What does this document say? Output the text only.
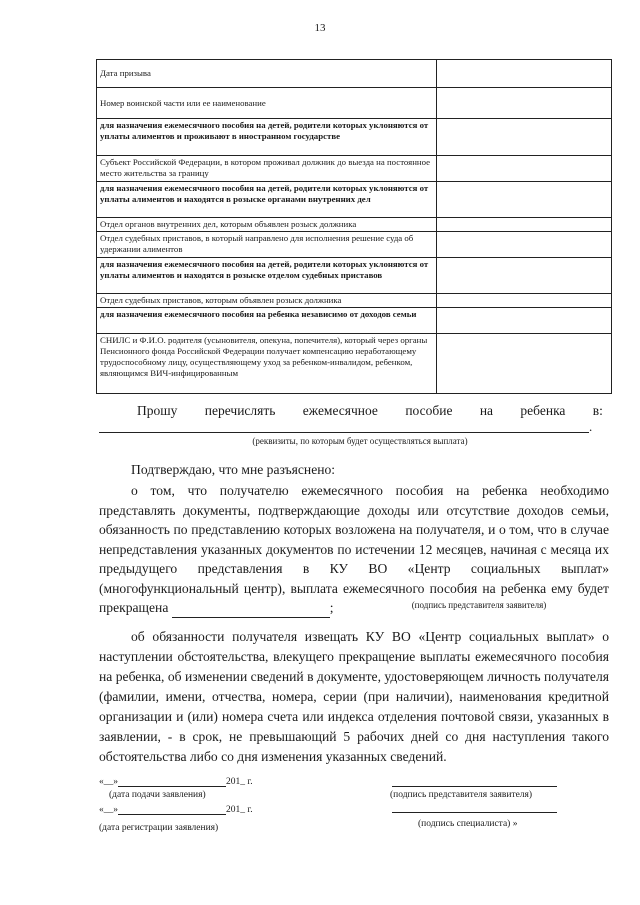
13
Дата призыва	
Номер воинской части или ее наименование	
для назначения ежемесячного пособия на детей, родители которых уклоняются от уплаты алиментов и проживают в иностранном государстве	
Субъект Российской Федерации, в котором проживал должник до выезда на постоянное место жительства за границу	
для назначения ежемесячного пособия на детей, родители которых уклоняются от уплаты алиментов и находятся в розыске органами внутренних дел	
Отдел органов внутренних дел, которым объявлен розыск должника	
Отдел судебных приставов, в который направлено для исполнения решение суда об удержании алиментов	
для назначения ежемесячного пособия на детей, родители которых уклоняются от уплаты алиментов и находятся в розыске отделом судебных приставов	
Отдел судебных приставов, которым объявлен розыск должника	
для назначения ежемесячного пособия на ребенка независимо от доходов семьи	
СНИЛС и Ф.И.О. родителя (усыновителя, опекуна, попечителя), который через органы Пенсионного фонда Российской Федерации получает компенсацию неработающему трудоспособному лицу, осуществляющему уход за ребенком-инвалидом, ребенком, являющимся ВИЧ-инфицированным	
Прошу перечислять ежемесячное пособие на ребенка в:
.
(реквизиты, по которым будет осуществляться выплата)
Подтверждаю, что мне разъяснено:
о том, что получателю ежемесячного пособия на ребенка необходимо представлять документы, подтверждающие доходы или отсутствие доходов семьи, обязанность по представлению которых возложена на получателя, и о том, что в случае непредставления указанных документов по истечении 12 месяцев, начиная с месяца их предыдущего представления в КУ ВО «Центр социальных выплат» (многофункциональный центр), выплата ежемесячного пособия на ребенка ему будет прекращена	;	(подпись представителя заявителя)
об обязанности получателя извещать КУ ВО «Центр социальных выплат» о наступлении обстоятельства, влекущего прекращение выплаты ежемесячного пособия на ребенка, об изменении сведений в документе, удостоверяющем личность получателя (фамилии, имени, отчества, номера, серии (при наличии), наименования кредитной организации и (или) номера счета или индекса отделения почтовой связи, указанных в заявлении, - в срок, не превышающий 5 рабочих дней со дня наступления такого обстоятельства либо со дня изменения указанных сведений.
«__»	201_ г.
(дата подачи заявления)
«__»	201_ г.
(дата регистрации заявления)
(подпись представителя заявителя)
(подпись специалиста) »
